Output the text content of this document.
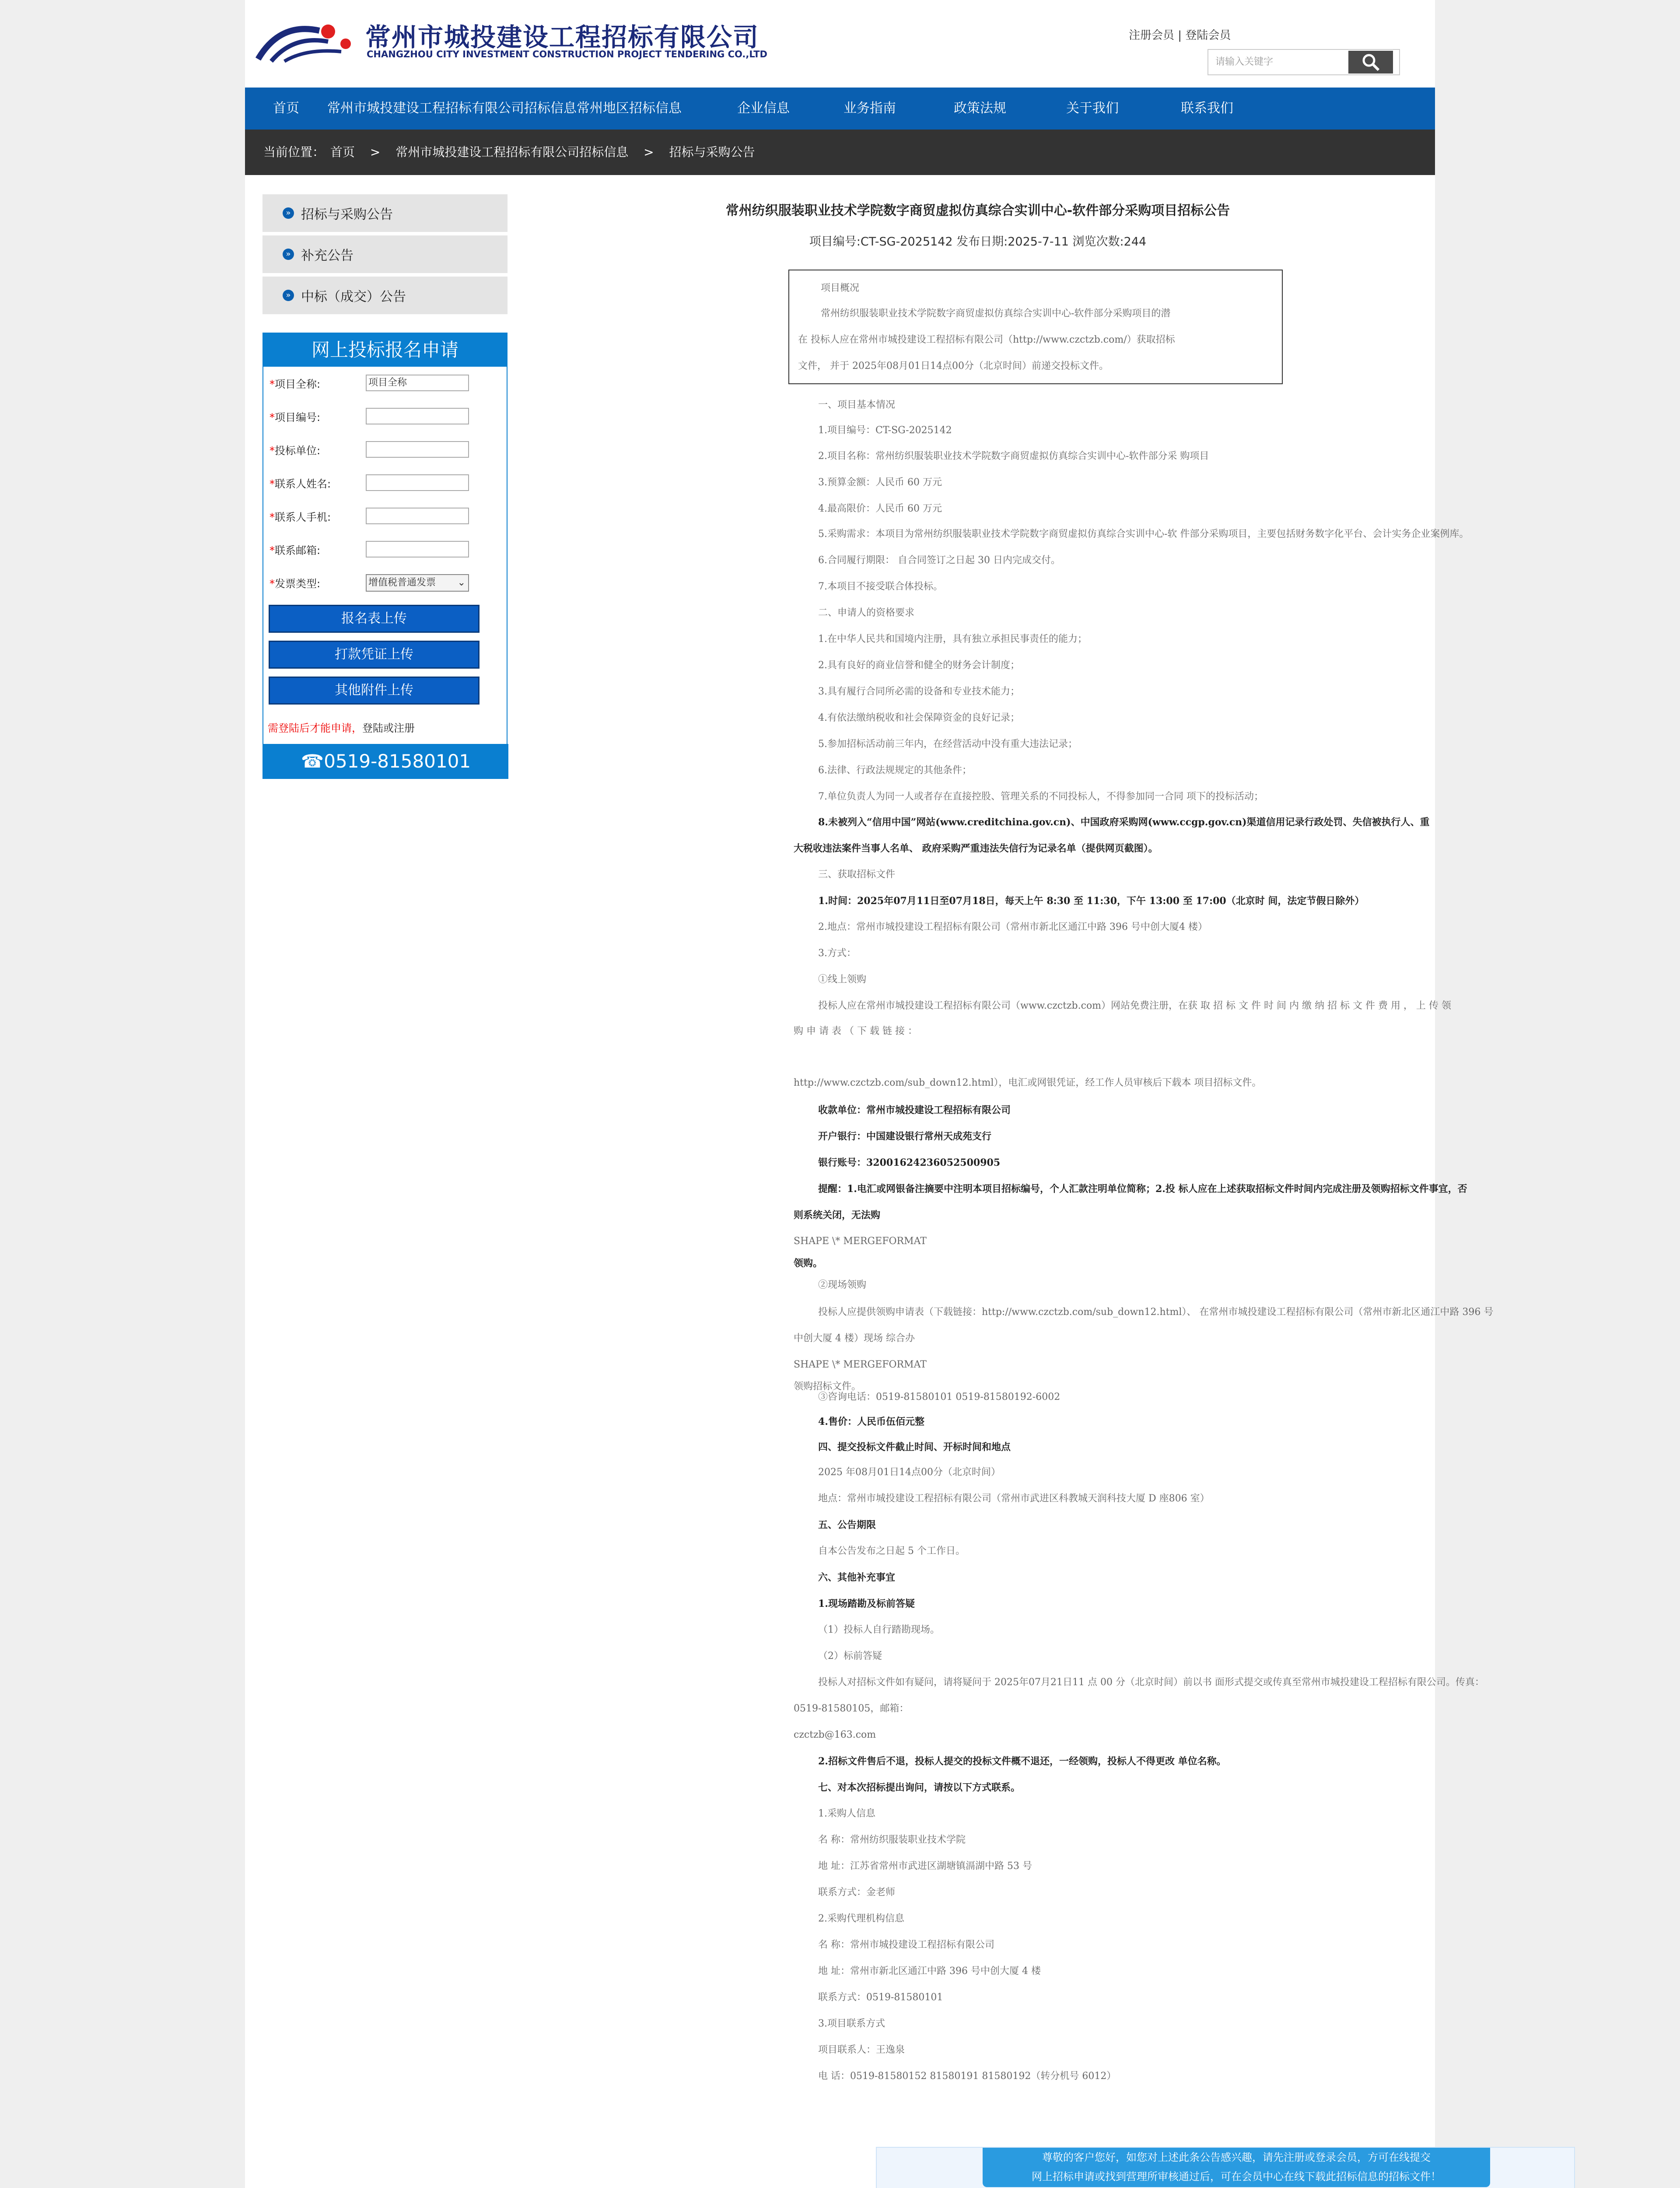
常州市城投建设工程招标有限公司
CHANGZHOU CITY INVESTMENT CONSTRUCTION PROJECT TENDERING CO.,LTD
注册会员 | 登陆会员
请输入关键字
首页	常州市城投建设工程招标有限公司招标信息 常州地区招标信息	企业信息	业务指南	政策法规	关于我们	联系我们
当前位置： 首页 > 常州市城投建设工程招标有限公司招标信息 > 招标与采购公告
» 招标与采购公告
» 补充公告
» 中标（成交）公告
网上投标报名申请
*项目全称:	项目全称
*项目编号:
*投标单位:
*联系人姓名:
*联系人手机:
*联系邮箱:
*发票类型:	增值税普通发票 ⌄
报名表上传
打款凭证上传
其他附件上传
需登陆后才能申请，登陆或注册
☎0519-81580101
常州纺织服装职业技术学院数字商贸虚拟仿真综合实训中心-软件部分采购项目招标公告
项目编号:CT-SG-2025142 发布日期:2025-7-11 浏览次数:244
项目概况
常州纺织服装职业技术学院数字商贸虚拟仿真综合实训中心-软件部分采购项目的潜
在 投标人应在常州市城投建设工程招标有限公司（http://www.czctzb.com/）获取招标
文件， 并于 2025年08月01日14点00分（北京时间）前递交投标文件。
一、项目基本情况
1.项目编号：CT-SG-2025142
2.项目名称：常州纺织服装职业技术学院数字商贸虚拟仿真综合实训中心-软件部分采 购项目
3.预算金额：人民币 60 万元
4.最高限价：人民币 60 万元
5.采购需求：本项目为常州纺织服装职业技术学院数字商贸虚拟仿真综合实训中心-软 件部分采购项目，主要包括财务数字化平台、会计实务企业案例库。
6.合同履行期限： 自合同签订之日起 30 日内完成交付。
7.本项目不接受联合体投标。
二、申请人的资格要求
1.在中华人民共和国境内注册，具有独立承担民事责任的能力；
2.具有良好的商业信誉和健全的财务会计制度；
3.具有履行合同所必需的设备和专业技术能力；
4.有依法缴纳税收和社会保障资金的良好记录；
5.参加招标活动前三年内，在经营活动中没有重大违法记录；
6.法律、行政法规规定的其他条件；
7.单位负责人为同一人或者存在直接控股、管理关系的不同投标人，不得参加同一合同 项下的投标活动；
8.未被列入“信用中国”网站(www.creditchina.gov.cn)、中国政府采购网(www.ccgp.gov.cn)渠道信用记录行政处罚、失信被执行人、重
大税收违法案件当事人名单、 政府采购严重违法失信行为记录名单（提供网页截图）。
三、获取招标文件
1.时间：2025年07月11日至07月18日，每天上午 8:30 至 11:30，下午 13:00 至 17:00（北京时 间，法定节假日除外）
2.地点：常州市城投建设工程招标有限公司（常州市新北区通江中路 396 号中创大厦4 楼）
3.方式：
①线上领购
投标人应在常州市城投建设工程招标有限公司（www.czctzb.com）网站免费注册，在获 取 招 标 文 件 时 间 内 缴 纳 招 标 文 件 费 用 ， 上 传 领
购 申 请 表 （ 下 载 链 接 ：
http://www.czctzb.com/sub_down12.html），电汇或网银凭证，经工作人员审核后下载本 项目招标文件。
收款单位：常州市城投建设工程招标有限公司
开户银行：中国建设银行常州天成苑支行
银行账号：32001624236052500905
提醒：1.电汇或网银备注摘要中注明本项目招标编号，个人汇款注明单位简称；2.投 标人应在上述获取招标文件时间内完成注册及领购招标文件事宜，否
则系统关闭，无法购
SHAPE \* MERGEFORMAT
领购。
②现场领购
投标人应提供领购申请表（下载链接：http://www.czctzb.com/sub_down12.html）、 在常州市城投建设工程招标有限公司（常州市新北区通江中路 396 号
中创大厦 4 楼）现场 综合办
SHAPE \* MERGEFORMAT
领购招标文件。
③咨询电话：0519-81580101 0519-81580192-6002
4.售价：人民币伍佰元整
四、提交投标文件截止时间、开标时间和地点
2025 年08月01日14点00分（北京时间）
地点：常州市城投建设工程招标有限公司（常州市武进区科教城天润科技大厦 D 座806 室）
五、公告期限
自本公告发布之日起 5 个工作日。
六、其他补充事宜
1.现场踏勘及标前答疑
（1）投标人自行踏勘现场。
（2）标前答疑
投标人对招标文件如有疑问，请将疑问于 2025年07月21日11 点 00 分（北京时间）前以书 面形式提交或传真至常州市城投建设工程招标有限公司。传真：
0519-81580105，邮箱：
czctzb@163.com
2.招标文件售后不退，投标人提交的投标文件概不退还，一经领购，投标人不得更改 单位名称。
七、对本次招标提出询问，请按以下方式联系。
1.采购人信息
名 称：常州纺织服装职业技术学院
地 址：江苏省常州市武进区湖塘镇滆湖中路 53 号
联系方式：金老师
2.采购代理机构信息
名 称：常州市城投建设工程招标有限公司
地 址：常州市新北区通江中路 396 号中创大厦 4 楼
联系方式：0519-81580101
3.项目联系方式
项目联系人：王逸泉
电 话：0519-81580152 81580191 81580192（转分机号 6012）
尊敬的客户您好，如您对上述此条公告感兴趣，请先注册或登录会员，方可在线提交
网上招标申请或找到营理所审核通过后，可在会员中心在线下载此招标信息的招标文件！
